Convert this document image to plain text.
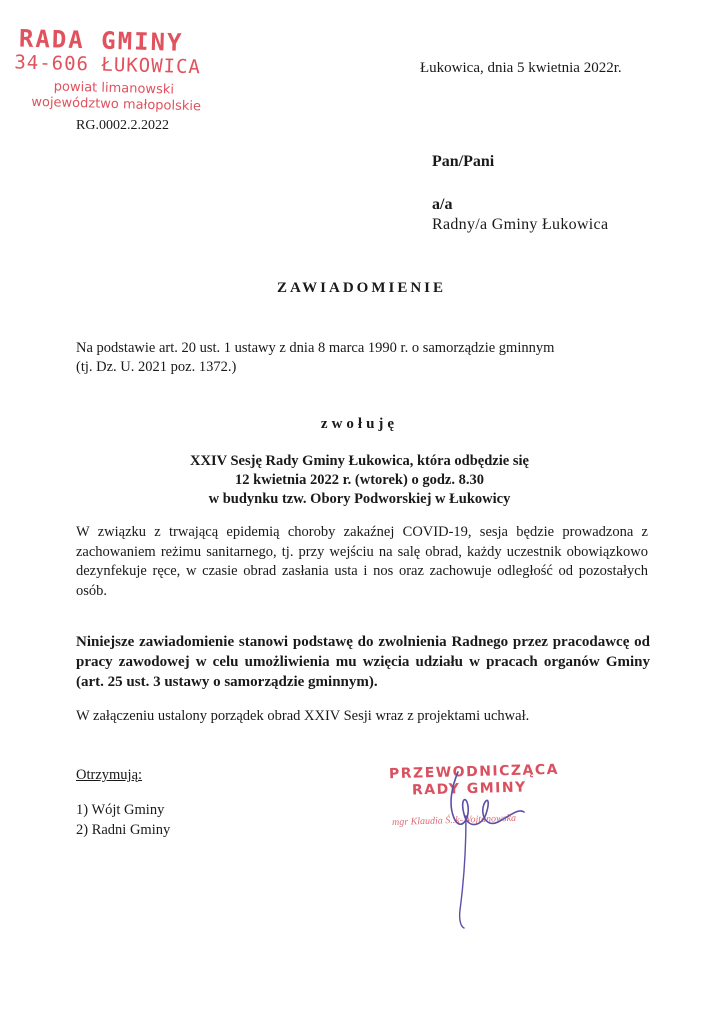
RADA GMINY
34-606 ŁUKOWICA
powiat limanowski
województwo małopolskie
Łukowica, dnia 5 kwietnia 2022r.
RG.0002.2.2022
Pan/Pani
a/a
Radny/a Gminy Łukowica
ZAWIADOMIENIE
Na podstawie art. 20 ust. 1 ustawy z dnia 8 marca 1990 r. o samorządzie gminnym
(tj. Dz. U. 2021 poz. 1372.)
zwołuję
XXIV Sesję Rady Gminy Łukowica, która odbędzie się
12 kwietnia 2022 r. (wtorek) o godz. 8.30
w budynku tzw. Obory Podworskiej w Łukowicy
W związku z trwającą epidemią choroby zakaźnej COVID-19, sesja będzie prowadzona z zachowaniem reżimu sanitarnego, tj. przy wejściu na salę obrad, każdy uczestnik obowiązkowo dezynfekuje ręce, w czasie obrad zasłania usta i nos oraz zachowuje odległość od pozostałych osób.
Niniejsze zawiadomienie stanowi podstawę do zwolnienia Radnego przez pracodawcę od pracy zawodowej w celu umożliwienia mu wzięcia udziału w pracach organów Gminy (art. 25 ust. 3 ustawy o samorządzie gminnym).
W załączeniu ustalony porządek obrad XXIV Sesji wraz z projektami uchwał.
Otrzymują:
1) Wójt Gminy
2) Radni Gminy
PRZEWODNICZĄCA
RADY GMINY
mgr Klaudia Ś..k-Wojtanowska
